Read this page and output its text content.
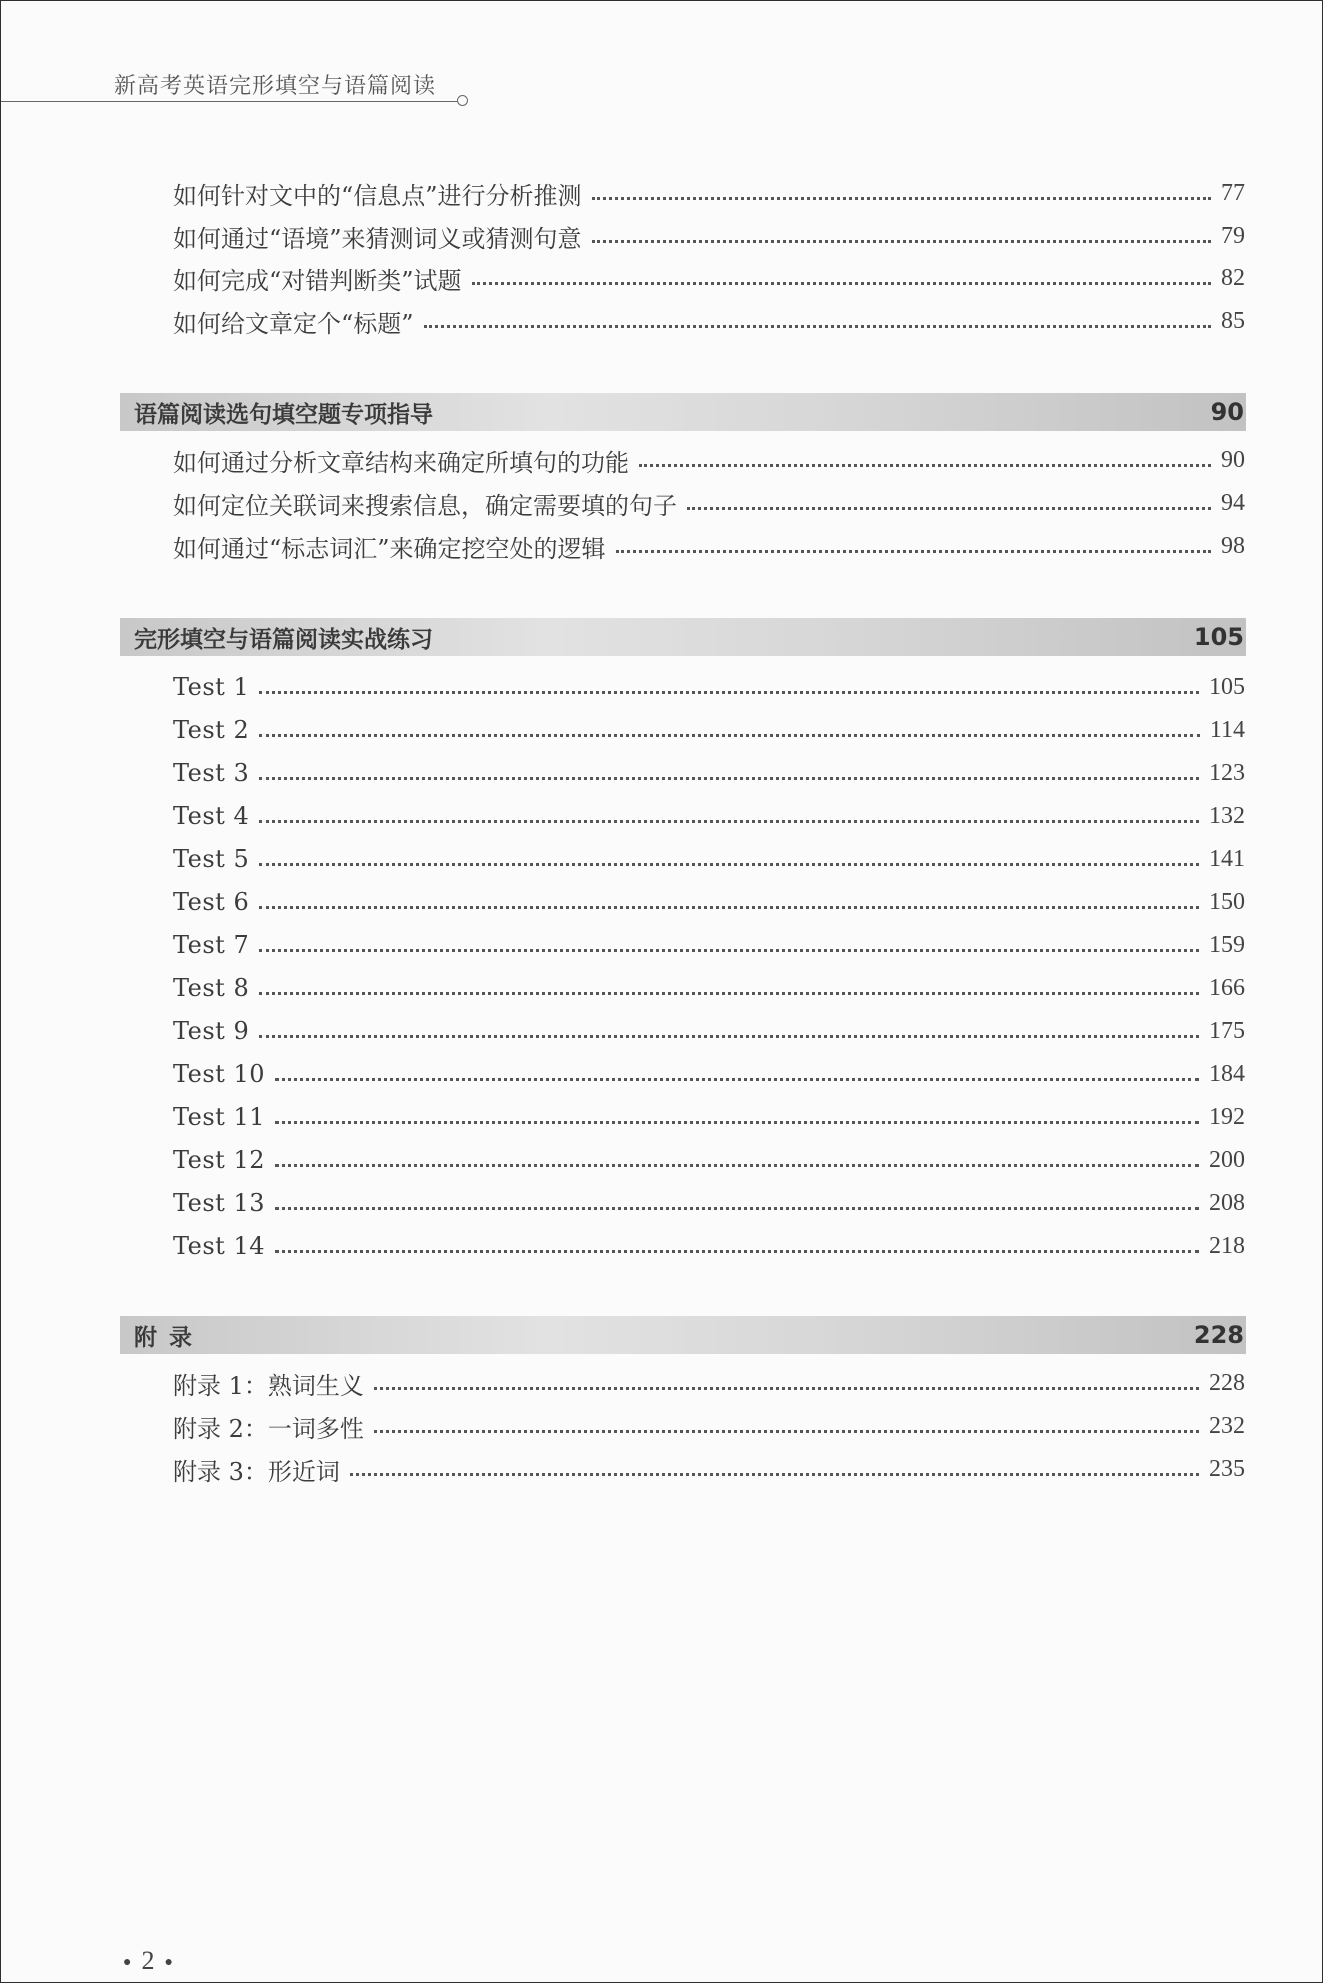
新高考英语完形填空与语篇阅读
如何针对文中的“信息点”进行分析推测	77
如何通过“语境”来猜测词义或猜测句意	79
如何完成“对错判断类”试题	82
如何给文章定个“标题”	85
语篇阅读选句填空题专项指导	90
如何通过分析文章结构来确定所填句的功能	90
如何定位关联词来搜索信息，确定需要填的句子	94
如何通过“标志词汇”来确定挖空处的逻辑	98
完形填空与语篇阅读实战练习	105
Test 1	105
Test 2	114
Test 3	123
Test 4	132
Test 5	141
Test 6	150
Test 7	159
Test 8	166
Test 9	175
Test 10	184
Test 11	192
Test 12	200
Test 13	208
Test 14	218
附录	228
附录 1：熟词生义	228
附录 2：一词多性	232
附录 3：形近词	235
● 2 ●
